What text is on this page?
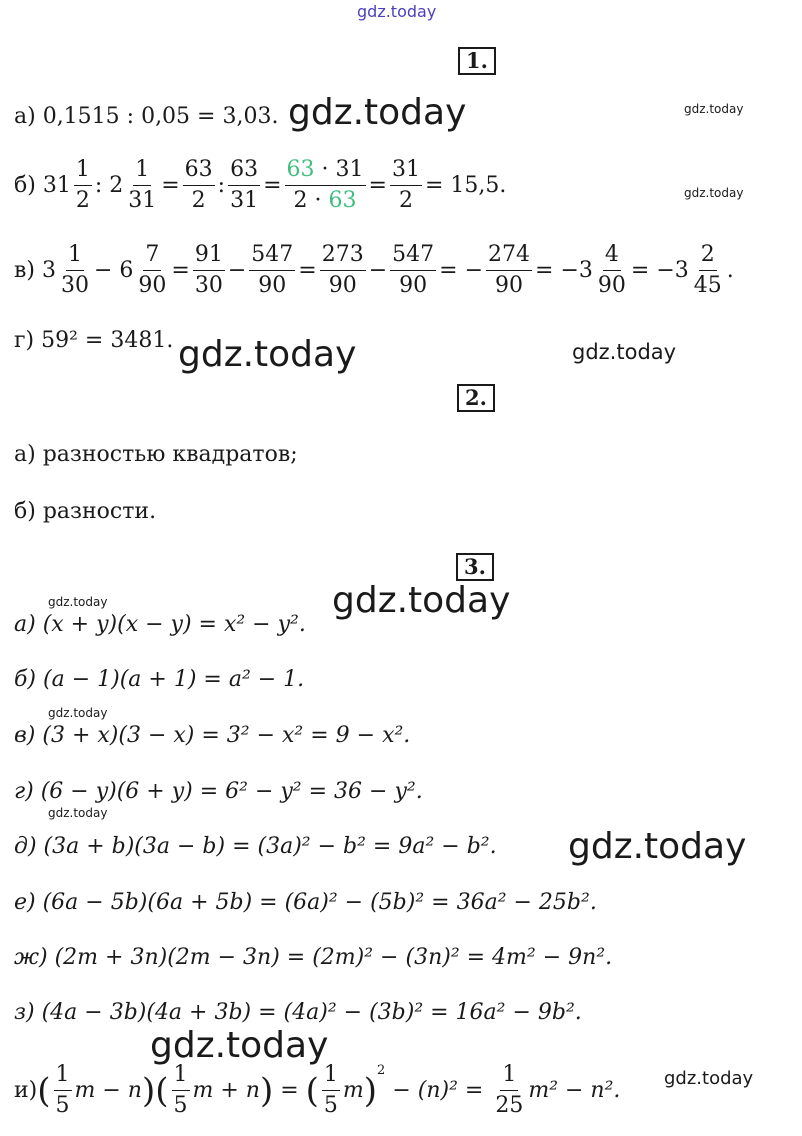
gdz.today
1.
а) 0,1515 : 0,05 = 3,03. gdz.today	gdz.today
б) $31 \frac{1}{2}$ : $2 \frac{1}{31} = \frac{63}{2}$ : $\frac{63}{31} = \frac{63 \cdot 31}{2 \cdot 63} = \frac{31}{2} = 15,5$.	gdz.today
в) $3 \frac{1}{30} - 6 \frac{7}{90} = \frac{91}{30} - \frac{547}{90} = \frac{273}{90} - \frac{547}{90}$ = − $\frac{274}{90} = -3 \frac{4}{90} = -3 \frac{2}{45}$ .
г) 59² = 3481. gdz.today	gdz.today
2.
а) разностью квадратов;
б) разности.
3.
gdz.today	gdz.today
а) (x + y)(x − y) = x² − y².
б) (a − 1)(a + 1) = a² − 1.
gdz.today
в) (3 + x)(3 − x) = 3² − x² = 9 − x².
г) (6 − y)(6 + y) = 6² − y² = 36 − y².
gdz.today
д) (3a + b)(3a − b) = (3a)² − b² = 9a² − b². gdz.today
е) (6a − 5b)(6a + 5b) = (6a)² − (5b)² = 36a² − 25b².
ж) (2m + 3n)(2m − 3n) = (2m)² − (3n)² = 4m² − 9n².
з) (4a − 3b)(4a + 3b) = (4a)² − (3b)² = 16a² − 9b².
gdz.today
и) ( $\frac{1}{5}$ m − n )( $\frac{1}{5}$ m + n ) = ( $\frac{1}{5}$ m )
$^2$
− $(n)^2 = \frac{1}{25} m^2 - n^2$. gdz.today
